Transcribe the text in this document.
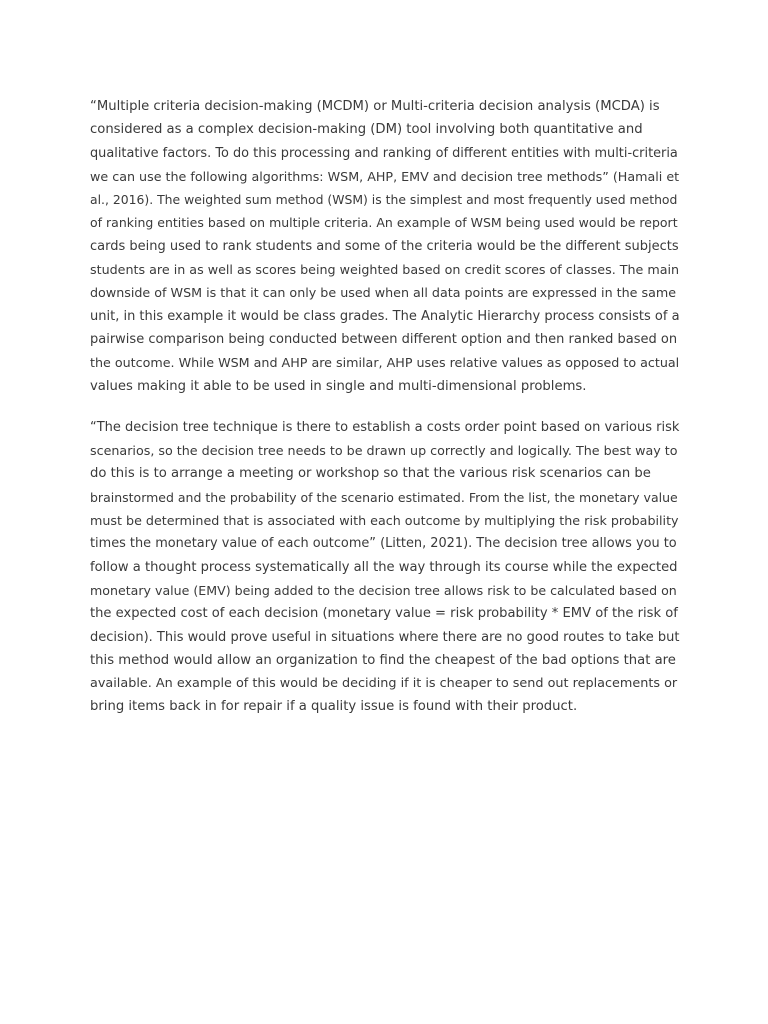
“Multiple criteria decision-making (MCDM) or Multi-criteria decision analysis (MCDA) is
considered as a complex decision-making (DM) tool involving both quantitative and
qualitative factors. To do this processing and ranking of different entities with multi-criteria
we can use the following algorithms: WSM, AHP, EMV and decision tree methods” (Hamali et
al., 2016). The weighted sum method (WSM) is the simplest and most frequently used method
of ranking entities based on multiple criteria. An example of WSM being used would be report
cards being used to rank students and some of the criteria would be the different subjects
students are in as well as scores being weighted based on credit scores of classes. The main
downside of WSM is that it can only be used when all data points are expressed in the same
unit, in this example it would be class grades. The Analytic Hierarchy process consists of a
pairwise comparison being conducted between different option and then ranked based on
the outcome. While WSM and AHP are similar, AHP uses relative values as opposed to actual
values making it able to be used in single and multi-dimensional problems.

“The decision tree technique is there to establish a costs order point based on various risk
scenarios, so the decision tree needs to be drawn up correctly and logically. The best way to
do this is to arrange a meeting or workshop so that the various risk scenarios can be
brainstormed and the probability of the scenario estimated. From the list, the monetary value
must be determined that is associated with each outcome by multiplying the risk probability
times the monetary value of each outcome” (Litten, 2021). The decision tree allows you to
follow a thought process systematically all the way through its course while the expected
monetary value (EMV) being added to the decision tree allows risk to be calculated based on
the expected cost of each decision (monetary value = risk probability * EMV of the risk of
decision). This would prove useful in situations where there are no good routes to take but
this method would allow an organization to find the cheapest of the bad options that are
available. An example of this would be deciding if it is cheaper to send out replacements or
bring items back in for repair if a quality issue is found with their product.
